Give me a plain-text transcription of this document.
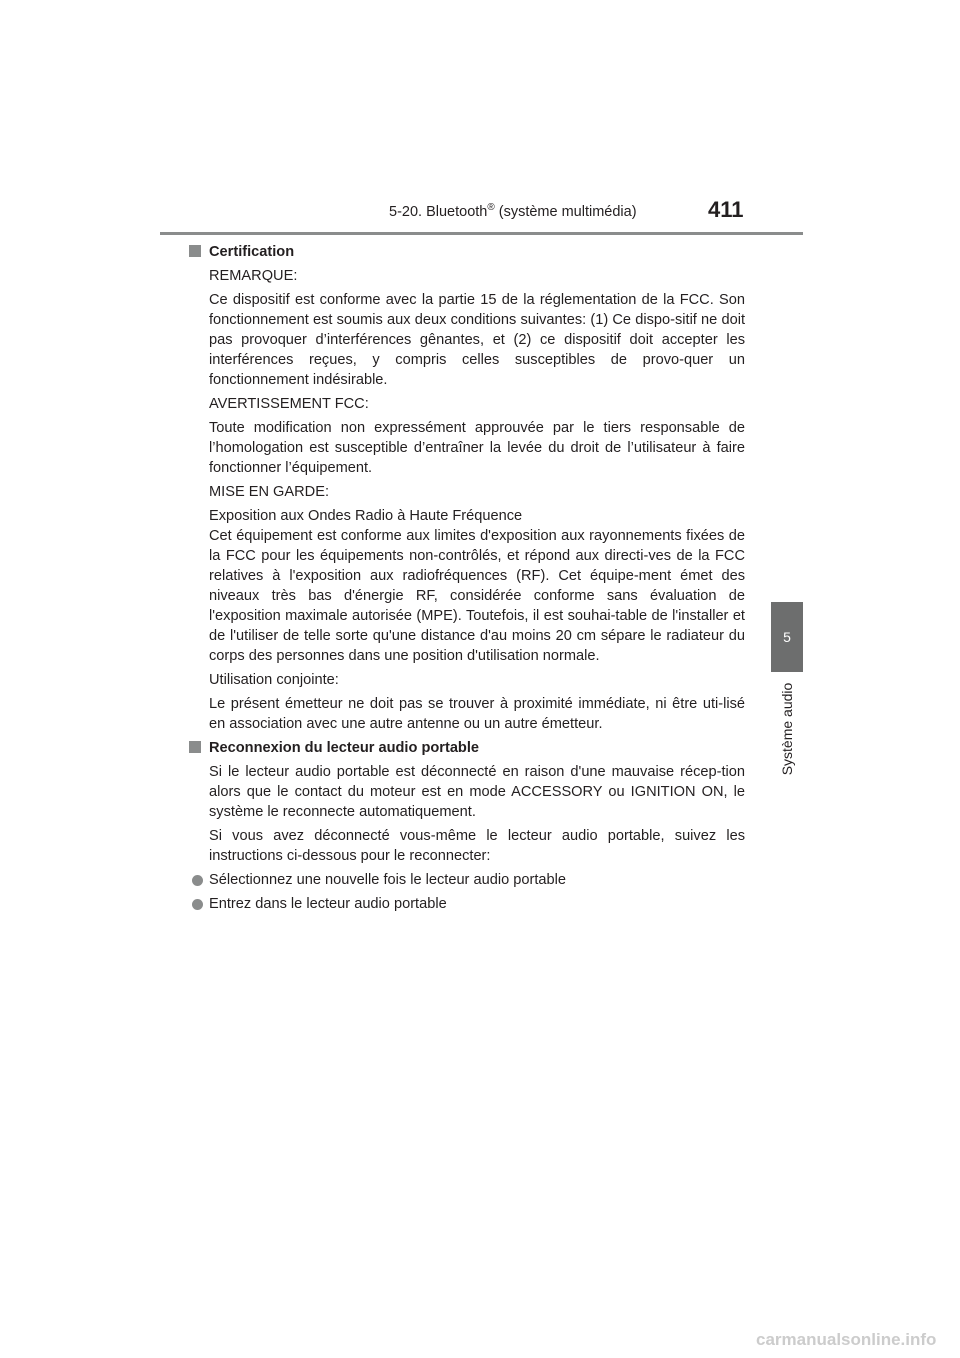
5-20. Bluetooth® (système multimédia)	411
5
Système audio
Certification

REMARQUE:

Ce dispositif est conforme avec la partie 15 de la réglementation de la FCC. Son fonctionnement est soumis aux deux conditions suivantes: (1) Ce dispo-sitif ne doit pas provoquer d’interférences gênantes, et (2) ce dispositif doit accepter les interférences reçues, y compris celles susceptibles de provo-quer un fonctionnement indésirable.

AVERTISSEMENT FCC:

Toute modification non expressément approuvée par le tiers responsable de l’homologation est susceptible d’entraîner la levée du droit de l’utilisateur à faire fonctionner l’équipement.

MISE EN GARDE:

Exposition aux Ondes Radio à Haute Fréquence

Cet équipement est conforme aux limites d'exposition aux rayonnements fixées de la FCC pour les équipements non-contrôlés, et répond aux directi-ves de la FCC relatives à l'exposition aux radiofréquences (RF). Cet équipe-ment émet des niveaux très bas d'énergie RF, considérée conforme sans évaluation de l'exposition maximale autorisée (MPE). Toutefois, il est souhai-table de l'installer et de l'utiliser de telle sorte qu'une distance d'au moins 20 cm sépare le radiateur du corps des personnes dans une position d'utilisation normale.

Utilisation conjointe:

Le présent émetteur ne doit pas se trouver à proximité immédiate, ni être uti-lisé en association avec une autre antenne ou un autre émetteur.

Reconnexion du lecteur audio portable

Si le lecteur audio portable est déconnecté en raison d'une mauvaise récep-tion alors que le contact du moteur est en mode ACCESSORY ou IGNITION ON, le système le reconnecte automatiquement.

Si vous avez déconnecté vous-même le lecteur audio portable, suivez les instructions ci-dessous pour le reconnecter:

Sélectionnez une nouvelle fois le lecteur audio portable
Entrez dans le lecteur audio portable
carmanualsonline.info
